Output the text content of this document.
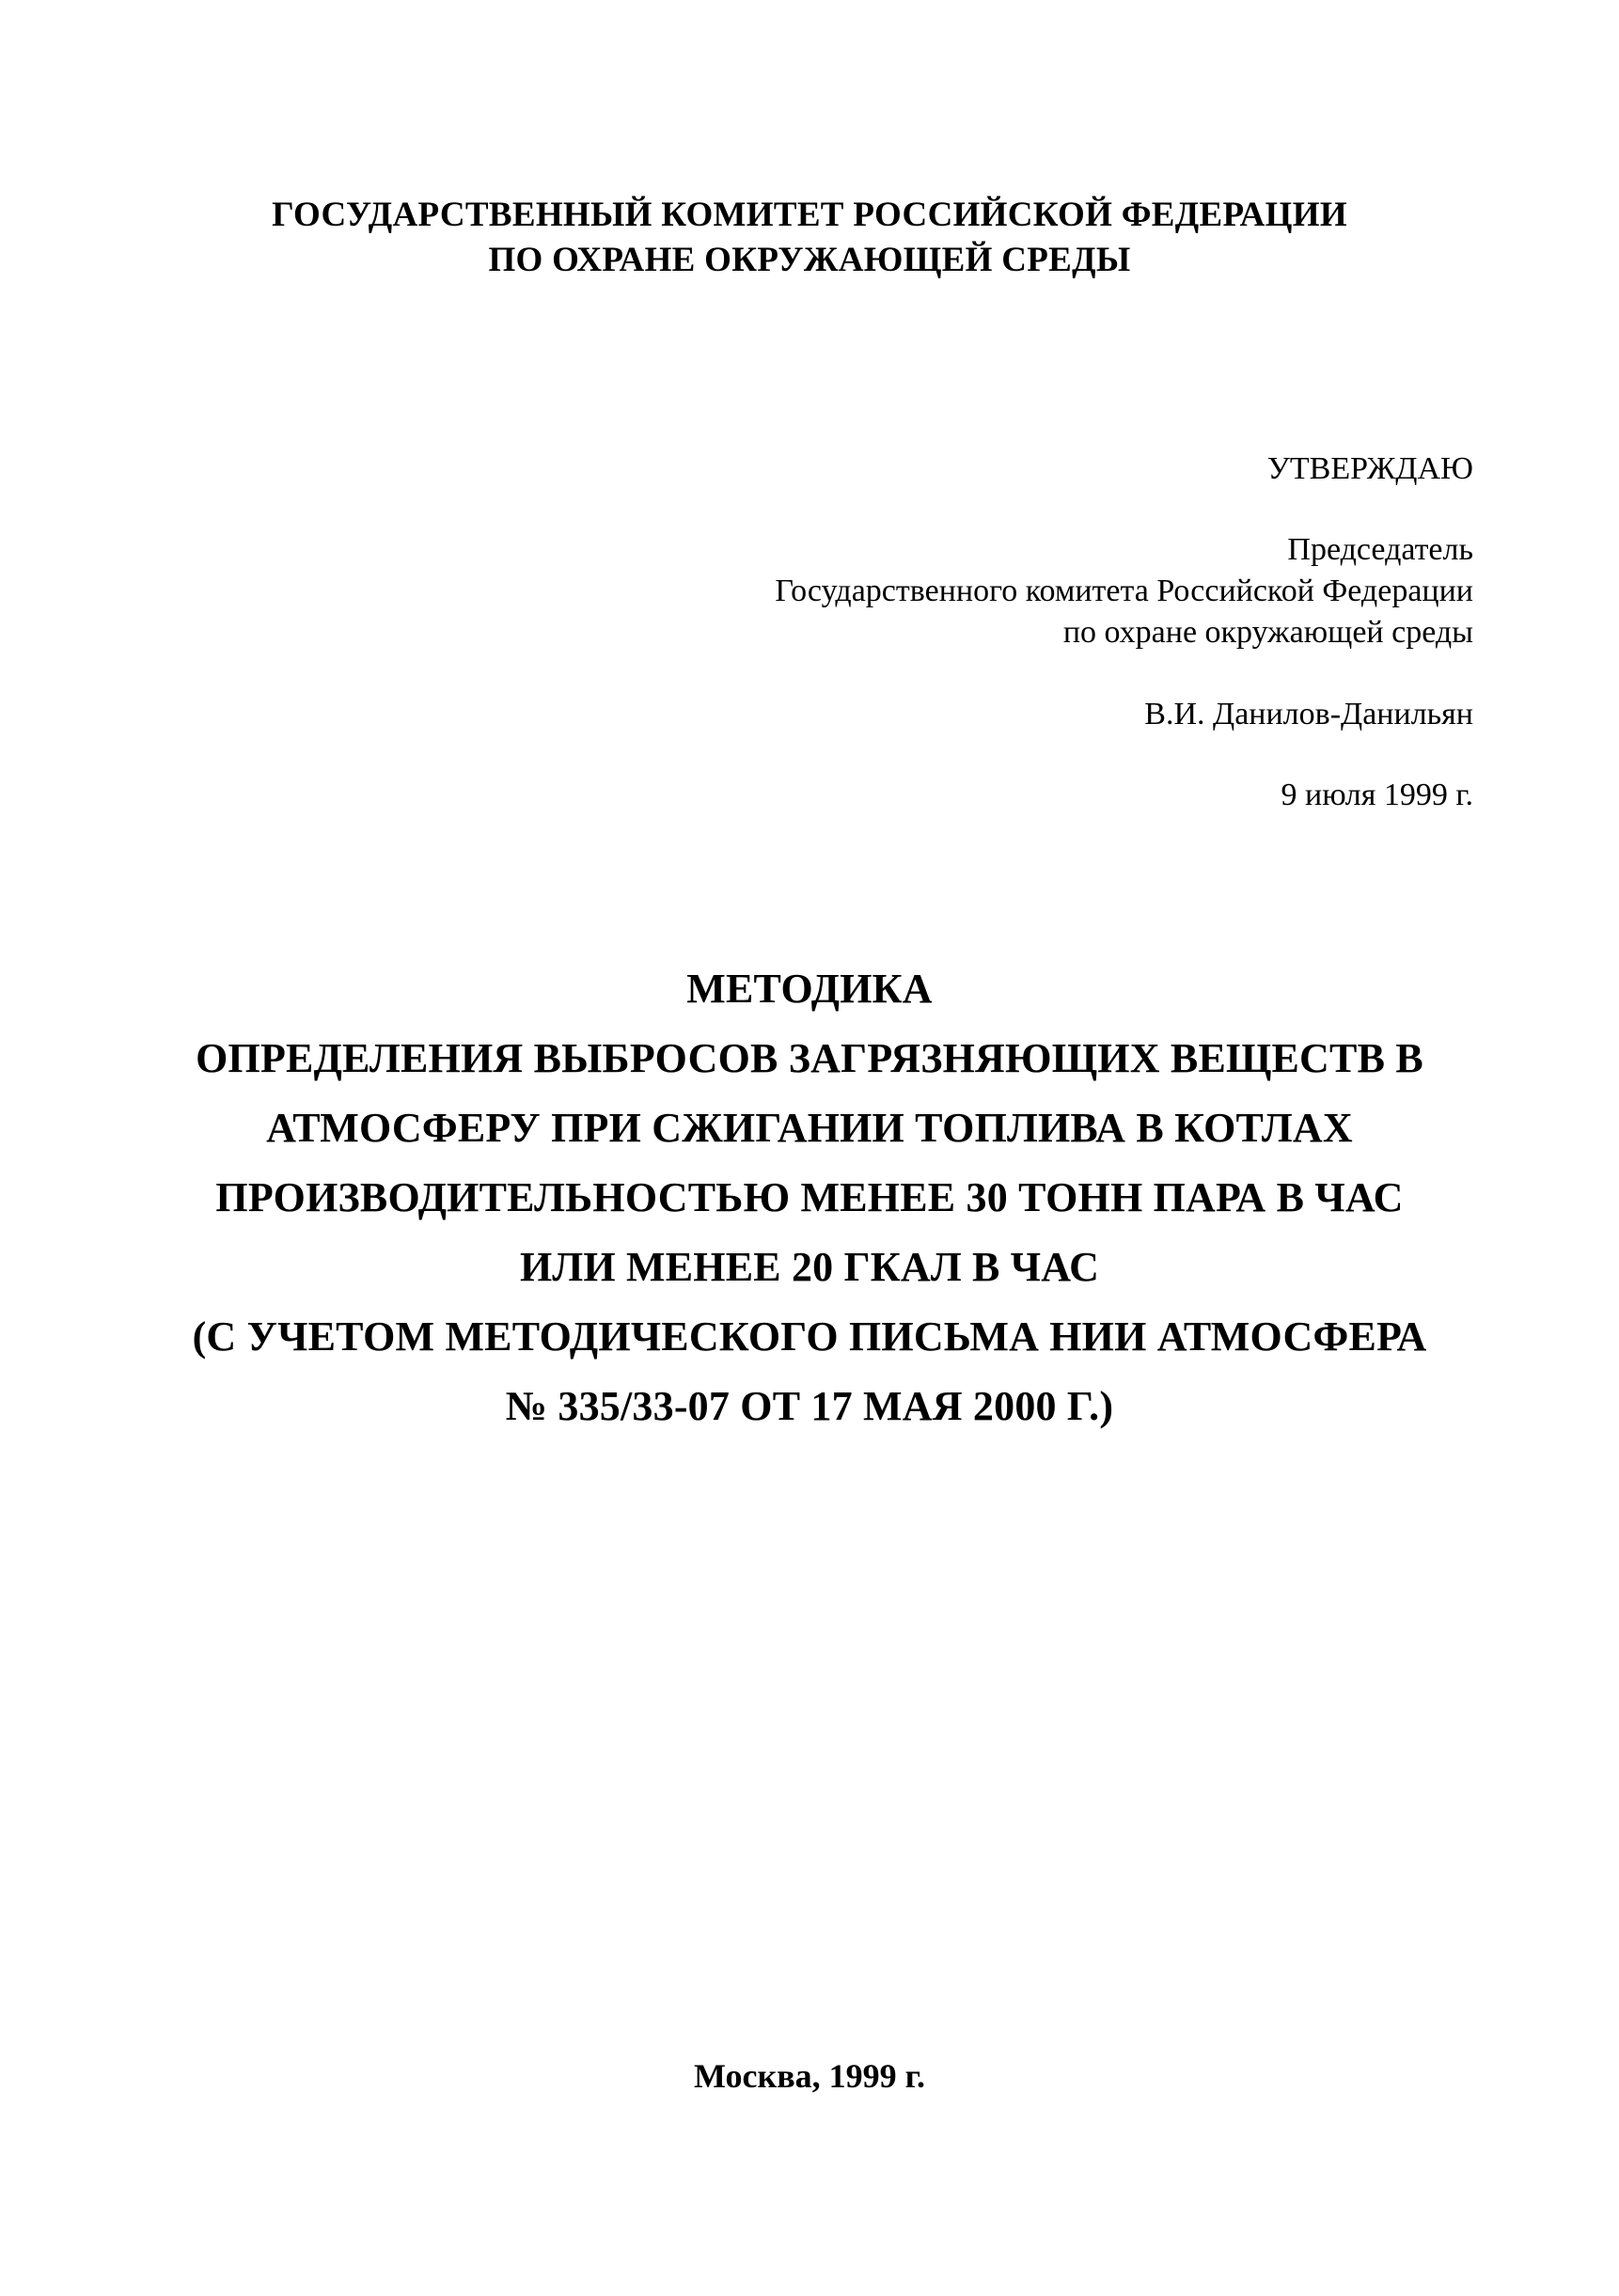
ГОСУДАРСТВЕННЫЙ КОМИТЕТ РОССИЙСКОЙ ФЕДЕРАЦИИ
ПО ОХРАНЕ ОКРУЖАЮЩЕЙ СРЕДЫ
УТВЕРЖДАЮ
Председатель
Государственного комитета Российской Федерации
по охране окружающей среды
В.И. Данилов-Данильян
9 июля 1999 г.
МЕТОДИКА
ОПРЕДЕЛЕНИЯ ВЫБРОСОВ ЗАГРЯЗНЯЮЩИХ ВЕЩЕСТВ В
АТМОСФЕРУ ПРИ СЖИГАНИИ ТОПЛИВА В КОТЛАХ
ПРОИЗВОДИТЕЛЬНОСТЬЮ МЕНЕЕ 30 ТОНН ПАРА В ЧАС
ИЛИ МЕНЕЕ 20 ГКАЛ В ЧАС
(С УЧЕТОМ МЕТОДИЧЕСКОГО ПИСЬМА НИИ АТМОСФЕРА
№ 335/33-07 ОТ 17 МАЯ 2000 Г.)
Москва, 1999 г.
